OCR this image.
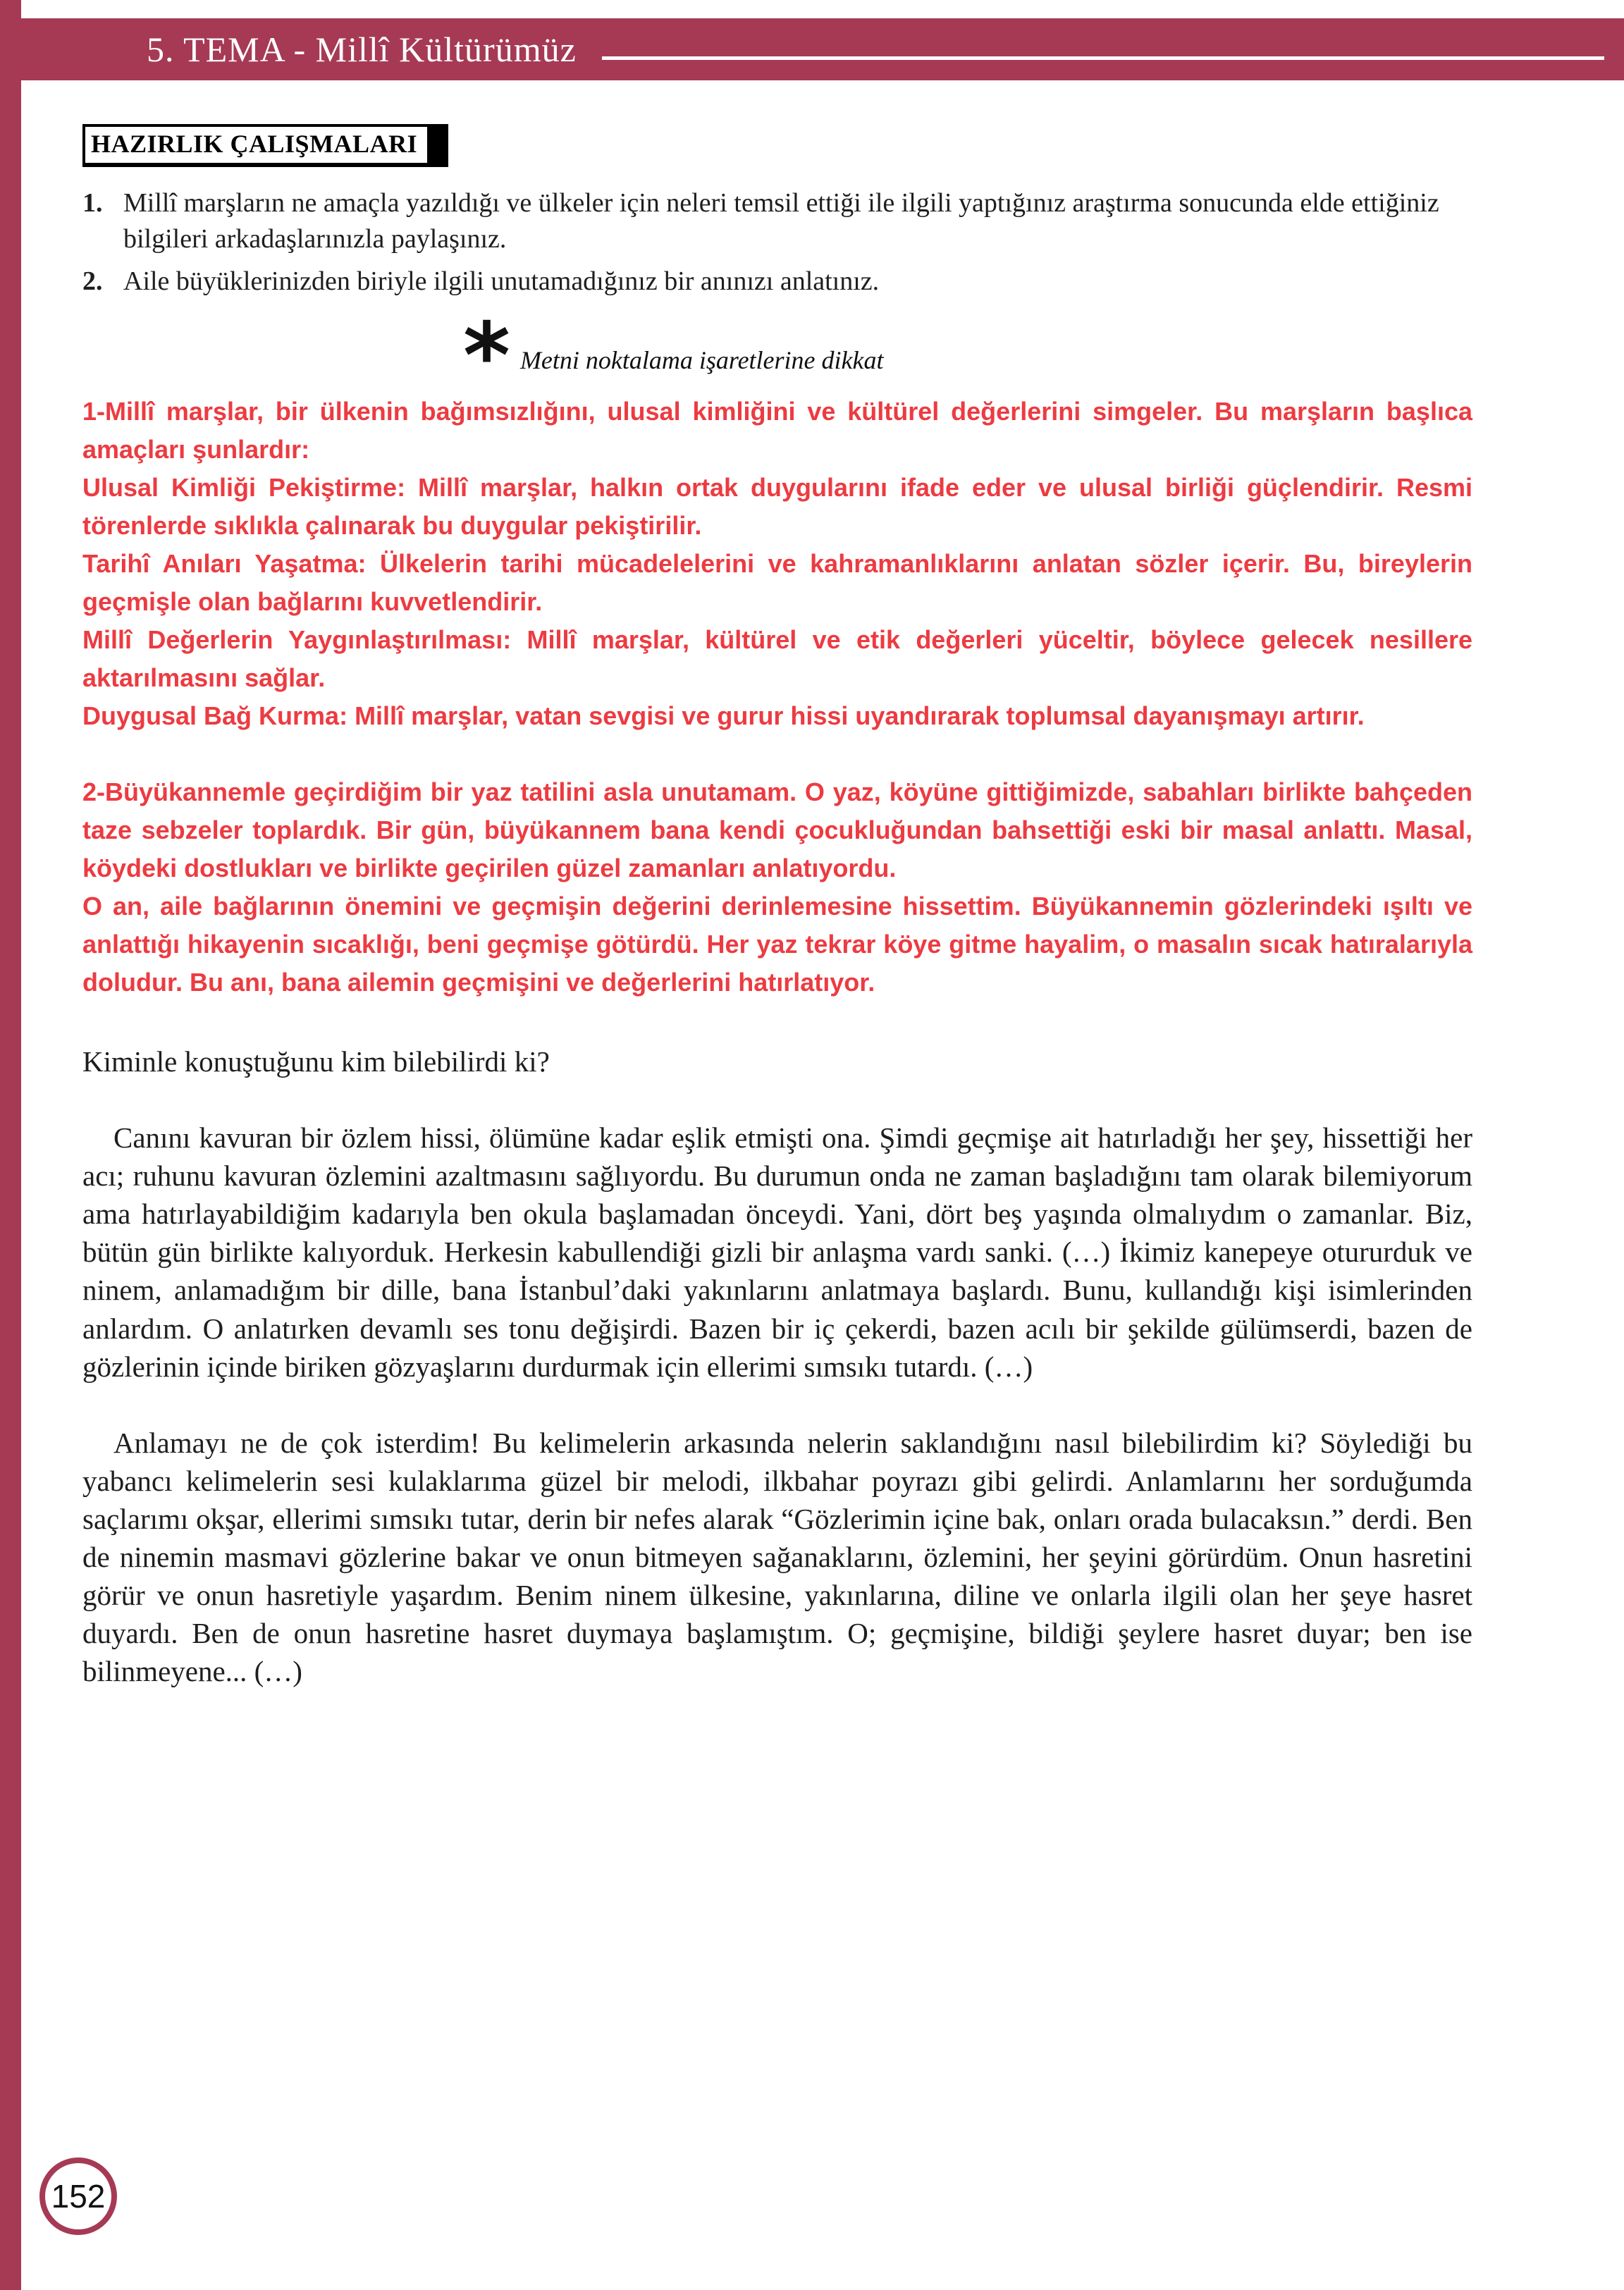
5. TEMA - Millî Kültürümüz
HAZIRLIK ÇALIŞMALARI
1. Millî marşların ne amaçla yazıldığı ve ülkeler için neleri temsil ettiği ile ilgili yaptığınız araştırma sonucunda elde ettiğiniz bilgileri arkadaşlarınızla paylaşınız.
2. Aile büyüklerinizden biriyle ilgili unutamadığınız bir anınızı anlatınız.
* Metni noktalama işaretlerine dikkat

1-Millî marşlar, bir ülkenin bağımsızlığını, ulusal kimliğini ve kültürel değerlerini simgeler. Bu marşların başlıca amaçları şunlardır:

Ulusal Kimliği Pekiştirme: Millî marşlar, halkın ortak duygularını ifade eder ve ulusal birliği güçlendirir. Resmi törenlerde sıklıkla çalınarak bu duygular pekiştirilir.

Tarihî Anıları Yaşatma: Ülkelerin tarihi mücadelelerini ve kahramanlıklarını anlatan sözler içerir. Bu, bireylerin geçmişle olan bağlarını kuvvetlendirir.

Millî Değerlerin Yaygınlaştırılması: Millî marşlar, kültürel ve etik değerleri yüceltir, böylece gelecek nesillere aktarılmasını sağlar.

Duygusal Bağ Kurma: Millî marşlar, vatan sevgisi ve gurur hissi uyandırarak toplumsal dayanışmayı artırır.

2-Büyükannemle geçirdiğim bir yaz tatilini asla unutamam. O yaz, köyüne gittiğimizde, sabahları birlikte bahçeden taze sebzeler toplardık. Bir gün, büyükannem bana kendi çocukluğundan bahsettiği eski bir masal anlattı. Masal, köydeki dostlukları ve birlikte geçirilen güzel zamanları anlatıyordu.

O an, aile bağlarının önemini ve geçmişin değerini derinlemesine hissettim. Büyükannemin gözlerindeki ışıltı ve anlattığı hikayenin sıcaklığı, beni geçmişe götürdü. Her yaz tekrar köye gitme hayalim, o masalın sıcak hatıralarıyla doludur. Bu anı, bana ailemin geçmişini ve değerlerini hatırlatıyor.

Kiminle konuştuğunu kim bilebilirdi ki?

Canını kavuran bir özlem hissi, ölümüne kadar eşlik etmişti ona. Şimdi geçmişe ait hatırladığı her şey, hissettiği her acı; ruhunu kavuran özlemini azaltmasını sağlıyordu. Bu durumun onda ne zaman başladığını tam olarak bilemiyorum ama hatırlayabildiğim kadarıyla ben okula başlamadan önceydi. Yani, dört beş yaşında olmalıydım o zamanlar. Biz, bütün gün birlikte kalıyorduk. Herkesin kabullendiği gizli bir anlaşma vardı sanki. (…) İkimiz kanepeye otururduk ve ninem, anlamadığım bir dille, bana İstanbul’daki yakınlarını anlatmaya başlardı. Bunu, kullandığı kişi isimlerinden anlardım. O anlatırken devamlı ses tonu değişirdi. Bazen bir iç çekerdi, bazen acılı bir şekilde gülümserdi, bazen de gözlerinin içinde biriken gözyaşlarını durdurmak için ellerimi sımsıkı tutardı. (…)

Anlamayı ne de çok isterdim! Bu kelimelerin arkasında nelerin saklandığını nasıl bilebilirdim ki? Söylediği bu yabancı kelimelerin sesi kulaklarıma güzel bir melodi, ilkbahar poyrazı gibi gelirdi. Anlamlarını her sorduğumda saçlarımı okşar, ellerimi sımsıkı tutar, derin bir nefes alarak “Gözlerimin içine bak, onları orada bulacaksın.” derdi. Ben de ninemin masmavi gözlerine bakar ve onun bitmeyen sağanaklarını, özlemini, her şeyini görürdüm. Onun hasretini görür ve onun hasretiyle yaşardım. Benim ninem ülkesine, yakınlarına, diline ve onlarla ilgili olan her şeye hasret duyardı. Ben de onun hasretine hasret duymaya başlamıştım. O; geçmişine, bildiği şeylere hasret duyar; ben ise bilinmeyene... (…)

152
